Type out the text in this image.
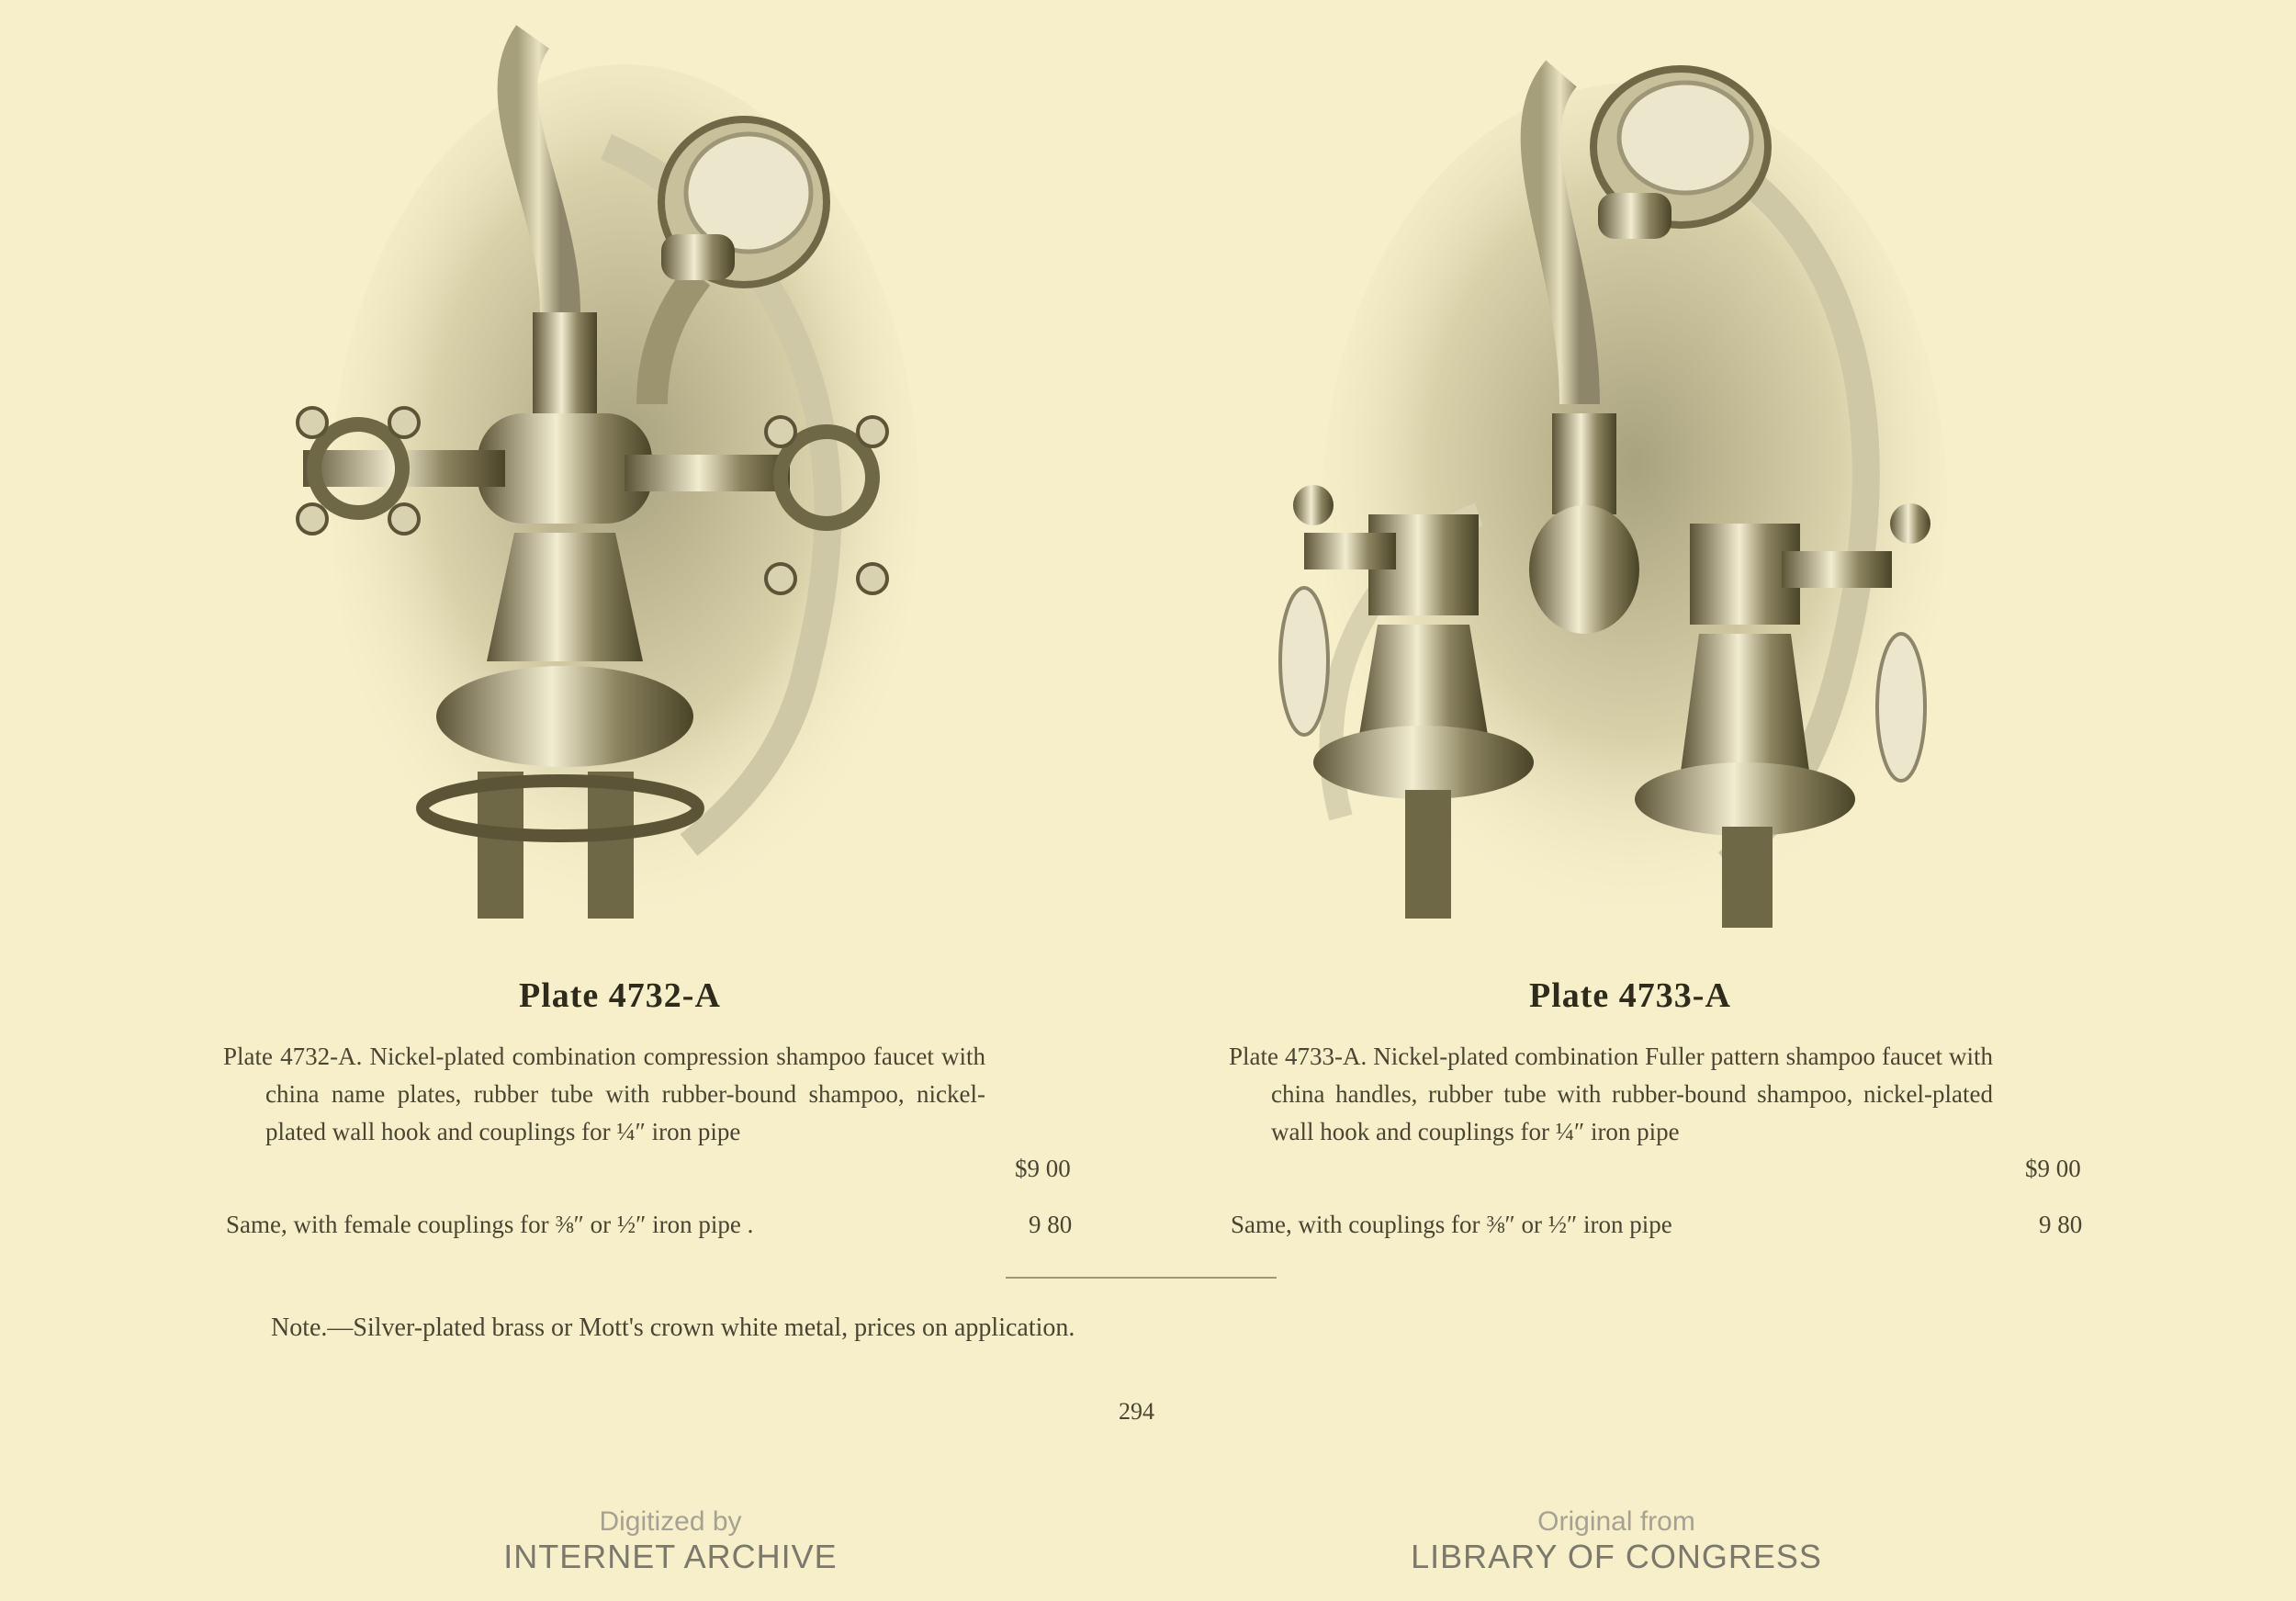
Plate 4732-A	Plate 4733-A
Plate 4732-A. Nickel-plated combination compression shampoo faucet with china name plates, rubber tube with rubber-bound shampoo, nickel-plated wall hook and couplings for ¼″ iron pipe
$9 00
Same, with female couplings for ⅜″ or ½″ iron pipe .	9 80
Plate 4733-A. Nickel-plated combination Fuller pattern shampoo faucet with china handles, rubber tube with rubber-bound shampoo, nickel-plated wall hook and couplings for ¼″ iron pipe
$9 00
Same, with couplings for ⅜″ or ½″ iron pipe	9 80
Note.—Silver-plated brass or Mott's crown white metal, prices on application.
294
Digitized by
INTERNET ARCHIVE
Original from
LIBRARY OF CONGRESS
